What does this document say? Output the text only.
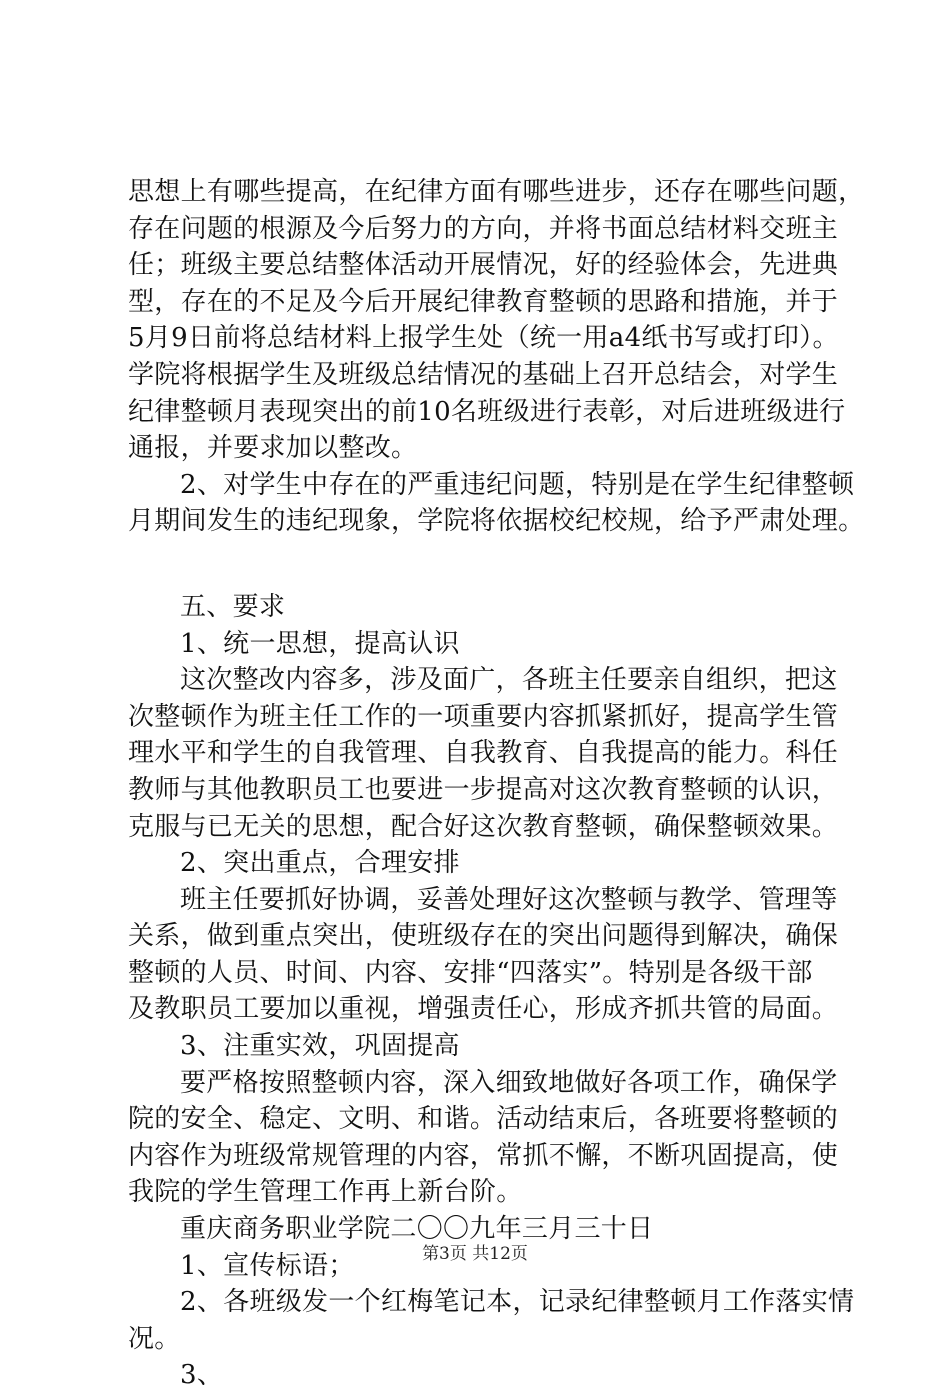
思想上有哪些提高，在纪律方面有哪些进步，还存在哪些问题，
存在问题的根源及今后努力的方向，并将书面总结材料交班主
任；班级主要总结整体活动开展情况，好的经验体会，先进典
型，存在的不足及今后开展纪律教育整顿的思路和措施，并于
5月9日前将总结材料上报学生处（统一用a4纸书写或打印）。
学院将根据学生及班级总结情况的基础上召开总结会，对学生
纪律整顿月表现突出的前10名班级进行表彰，对后进班级进行
通报，并要求加以整改。
2、对学生中存在的严重违纪问题，特别是在学生纪律整顿
月期间发生的违纪现象，学院将依据校纪校规，给予严肃处理。
五、要求
1、统一思想，提高认识
这次整改内容多，涉及面广，各班主任要亲自组织，把这
次整顿作为班主任工作的一项重要内容抓紧抓好，提高学生管
理水平和学生的自我管理、自我教育、自我提高的能力。科任
教师与其他教职员工也要进一步提高对这次教育整顿的认识，
克服与已无关的思想，配合好这次教育整顿，确保整顿效果。
2、突出重点，合理安排
班主任要抓好协调，妥善处理好这次整顿与教学、管理等
关系，做到重点突出，使班级存在的突出问题得到解决，确保
整顿的人员、时间、内容、安排“四落实”。特别是各级干部
及教职员工要加以重视，增强责任心，形成齐抓共管的局面。
3、注重实效，巩固提高
要严格按照整顿内容，深入细致地做好各项工作，确保学
院的安全、稳定、文明、和谐。活动结束后，各班要将整顿的
内容作为班级常规管理的内容，常抓不懈，不断巩固提高，使
我院的学生管理工作再上新台阶。
重庆商务职业学院二〇〇九年三月三十日
1、宣传标语；
2、各班级发一个红梅笔记本，记录纪律整顿月工作落实情
况。
3、
第3页 共12页
